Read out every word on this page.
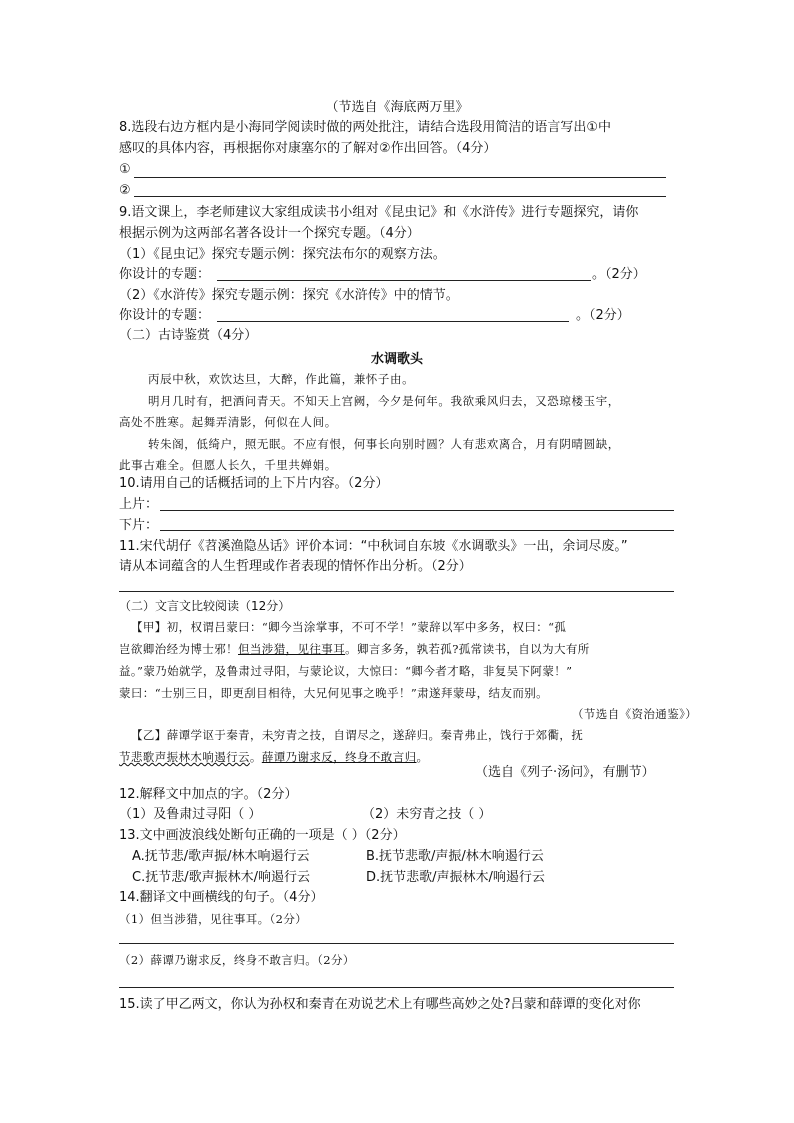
（节选自《海底两万里》
8.选段右边方框内是小海同学阅读时做的两处批注，请结合选段用简洁的语言写出①中
感叹的具体内容，再根据你对康塞尔的了解对②作出回答。（4分）
①
②
9.语文课上，李老师建议大家组成读书小组对《昆虫记》和《水浒传》进行专题探究，请你
根据示例为这两部名著各设计一个探究专题。（4分）
（1）《昆虫记》探究专题示例：探究法布尔的观察方法。
你设计的专题：	。（2分）
（2）《水浒传》探究专题示例：探究《水浒传》中的情节。
你设计的专题：	。（2分）
（二）古诗鉴赏（4分）
水调歌头
丙辰中秋，欢饮达旦，大醉，作此篇，兼怀子由。
明月几时有，把酒问青天。不知天上宫阙，今夕是何年。我欲乘风归去，又恐琼楼玉宇，
高处不胜寒。起舞弄清影，何似在人间。
转朱阁，低绮户，照无眠。不应有恨，何事长向别时圆？人有悲欢离合，月有阴晴圆缺，
此事古难全。但愿人长久，千里共婵娟。
10.请用自己的话概括词的上下片内容。（2分）
上片：
下片：
11.宋代胡仔《苕溪渔隐丛话》评价本词：“中秋词自东坡《水调歌头》一出，余词尽废。”
请从本词蕴含的人生哲理或作者表现的情怀作出分析。（2分）
（二）文言文比较阅读（12分）
【甲】初，权谓吕蒙曰：“卿今当涂掌事，不可不学！”蒙辞以军中多务，权曰：“孤
岂欲卿治经为博士邪！但当涉猎，见往事耳。卿言多务，孰若孤?孤常读书，自以为大有所
益。”蒙乃始就学，及鲁肃过寻阳，与蒙论议，大惊曰：“卿今者才略，非复吴下阿蒙！”
蒙曰：“士别三日，即更刮目相待，大兄何见事之晚乎！”肃遂拜蒙母，结友而别。
（节选自《资治通鉴》）
【乙】薛谭学讴于秦青，未穷青之技，自谓尽之，遂辞归。秦青弗止，饯行于郊衢，抚
节悲歌声振林木响遏行云。薛谭乃谢求反，终身不敢言归。
（选自《列子·汤问》，有删节）
12.解释文中加点的字。（2分）
（1）及鲁肃过寻阳（ ）	（2）未穷青之技（ ）
13.文中画波浪线处断句正确的一项是（ ）（2分）
A.抚节悲/歌声振/林木响遏行云	B.抚节悲歌/声振/林木响遏行云
C.抚节悲/歌声振林木/响遏行云	D.抚节悲歌/声振林木/响遏行云
14.翻译文中画横线的句子。（4分）
（1）但当涉猎，见往事耳。（2分）
（2）薛谭乃谢求反，终身不敢言归。（2分）
15.读了甲乙两文，你认为孙权和秦青在劝说艺术上有哪些高妙之处?吕蒙和薛谭的变化对你
